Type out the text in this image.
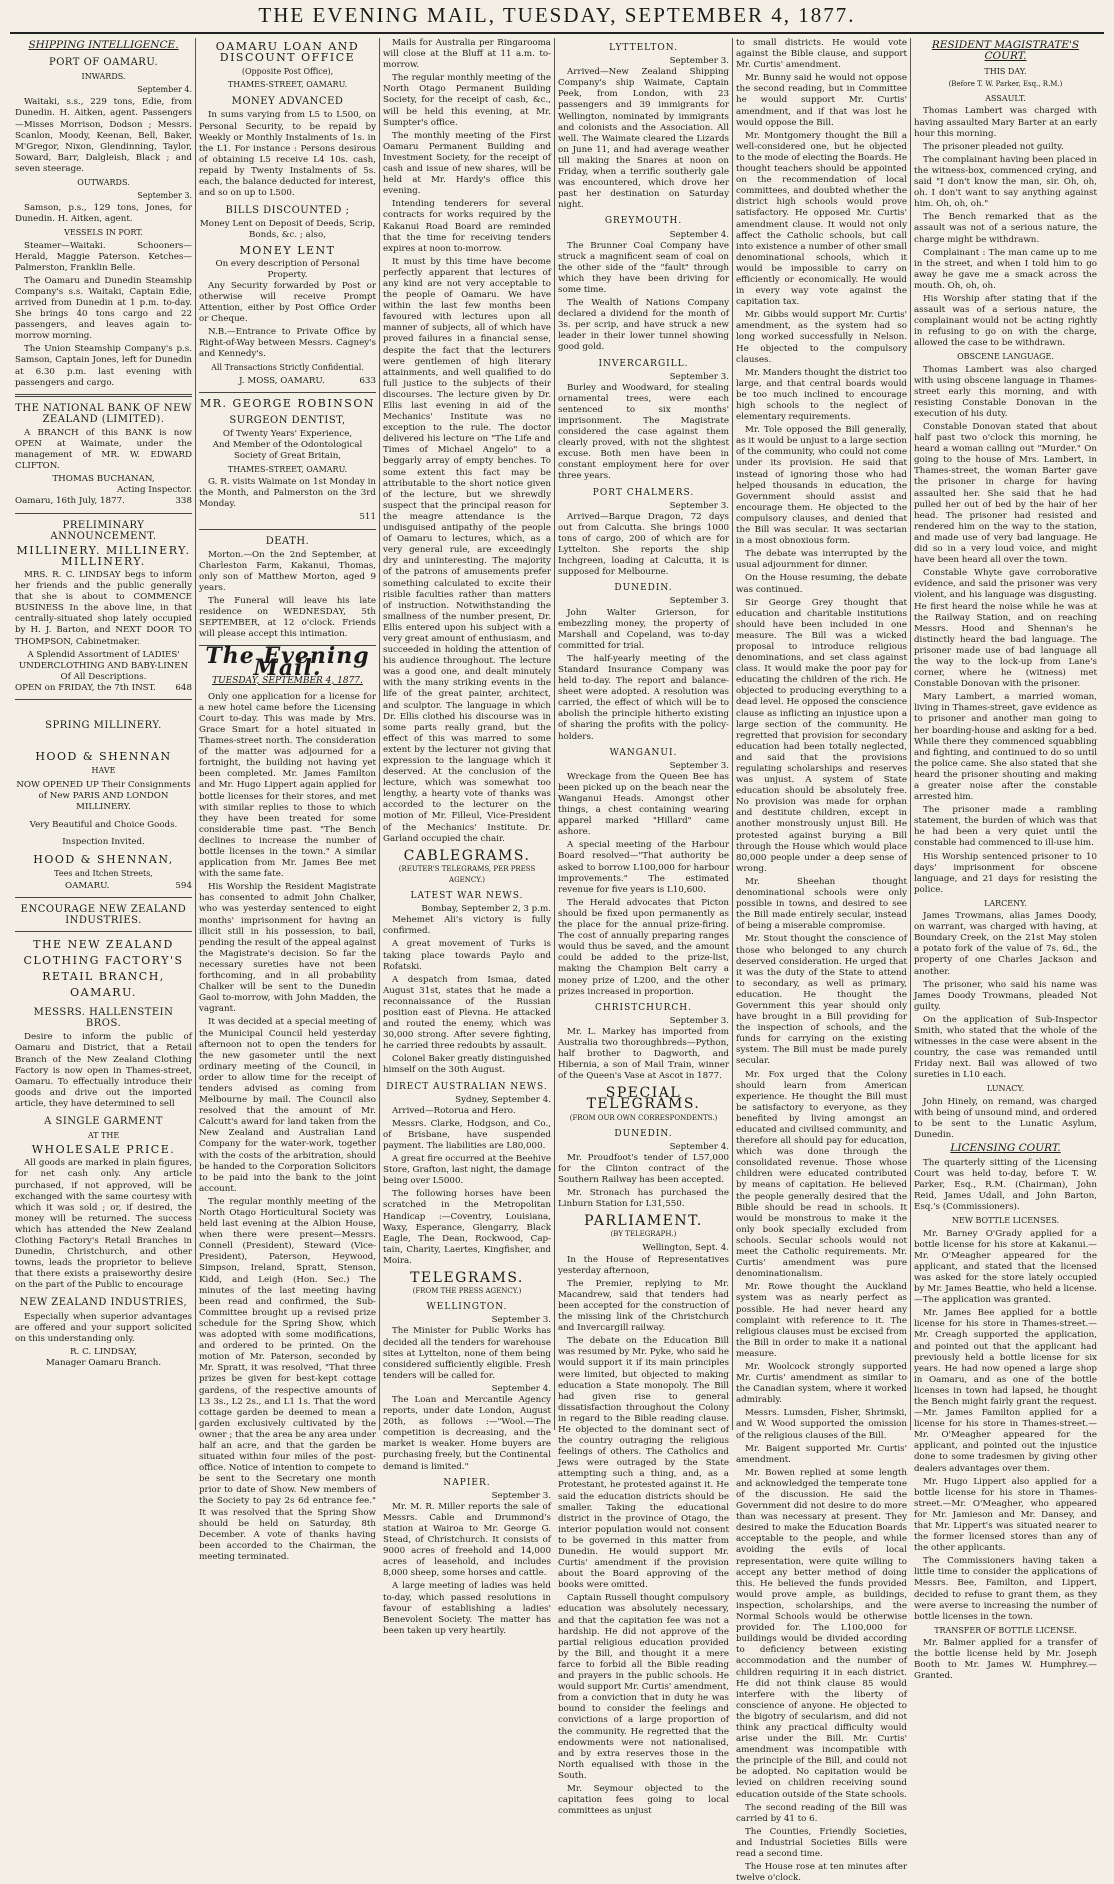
THE EVENING MAIL, TUESDAY, SEPTEMBER 4, 1877.
SHIPPING INTELLIGENCE.
PORT OF OAMARU.
INWARDS.
September 4.

Waitaki, s.s., 229 tons, Edie, from Dunedin. H. Aitken, agent. Passengers—Misses Morrison, Dodson ; Messrs. Scanlon, Moody, Keenan, Bell, Baker, M'Gregor, Nixon, Glendinning, Taylor, Soward, Barr, Dalgleish, Black ; and seven steerage.

OUTWARDS.
September 3.

Samson, p.s., 129 tons, Jones, for Dunedin. H. Aitken, agent.

VESSELS IN PORT.

Steamer—Waitaki. Schooners—Herald, Maggie Paterson. Ketches—Palmerston, Franklin Belle.

The Oamaru and Dunedin Steamship Company's s.s. Waitaki, Captain Edie, arrived from Dunedin at 1 p.m. to-day. She brings 40 tons cargo and 22 passengers, and leaves again to-morrow morning.

The Union Steamship Company's p.s. Samson, Captain Jones, left for Dunedin at 6.30 p.m. last evening with passengers and cargo.

THE NATIONAL BANK OF NEW ZEALAND (LIMITED).

A BRANCH of this BANK is now OPEN at Waimate, under the management of MR. W. EDWARD CLIFTON.

THOMAS BUCHANAN,
Acting Inspector.
Oamaru, 16th July, 1877.	338
PRELIMINARY ANNOUNCEMENT.
MILLINERY. MILLINERY. MILLINERY.

MRS. R. C. LINDSAY begs to inform her friends and the public generally that she is about to COMMENCE BUSINESS In the above line, in that centrally-situated shop lately occupied by H. J. Barton, and NEXT DOOR TO THOMPSON, Cabinetmaker.

A Splendid Assortment of LADIES' UNDERCLOTHING AND BABY-LINEN Of All Descriptions.
OPEN on FRIDAY, the 7th INST. 648
SPRING MILLINERY.
HOOD & SHENNAN
HAVE
NOW OPENED UP Their Consignments of New PARIS AND LONDON MILLINERY.
Very Beautiful and Choice Goods.
Inspection Invited.
HOOD & SHENNAN,
Tees and Itchen Streets,
OAMARU.	594
ENCOURAGE NEW ZEALAND INDUSTRIES.
THE NEW ZEALAND CLOTHING FACTORY'S RETAIL BRANCH, OAMARU.
MESSRS. HALLENSTEIN BROS.

Desire to inform the public of Oamaru and District, that a Retail Branch of the New Zealand Clothing Factory is now open in Thames-street, Oamaru. To effectually introduce their goods and drive out the imported article, they have determined to sell

A SINGLE GARMENT
AT THE
WHOLESALE PRICE.

All goods are marked in plain figures, for net cash only. Any article purchased, if not approved, will be exchanged with the same courtesy with which it was sold ; or, if desired, the money will be returned. The success which has attended the New Zealand Clothing Factory's Retail Branches in Dunedin, Christchurch, and other towns, leads the proprietor to believe that there exists a praiseworthy desire on the part of the Public to encourage

NEW ZEALAND INDUSTRIES,

Especially when superior advantages are offered and your support solicited on this understanding only.

R. C. LINDSAY,
Manager Oamaru Branch.
OAMARU LOAN AND DISCOUNT OFFICE
(Opposite Post Office),
THAMES-STREET, OAMARU.
MONEY ADVANCED

In sums varying from L5 to L500, on Personal Security, to be repaid by Weekly or Monthly Instalments of 1s. in the L1. For instance : Persons desirous of obtaining L5 receive L4 10s. cash, repaid by Twenty Instalments of 5s. each, the balance deducted for interest, and so on up to L500.

BILLS DISCOUNTED ;
Money Lent on Deposit of Deeds, Scrip, Bonds, &c. ; also,
MONEY LENT
On every description of Personal Property.

Any Security forwarded by Post or otherwise will receive Prompt Attention, either by Post Office Order or Cheque.

N.B.—Entrance to Private Office by Right-of-Way between Messrs. Cagney's and Kennedy's.

All Transactions Strictly Confidential.
J. MOSS, OAMARU.	633
MR. GEORGE ROBINSON
SURGEON DENTIST,
Of Twenty Years' Experience,
And Member of the Odontological Society of Great Britain,
THAMES-STREET, OAMARU.

G. R. visits Waimate on 1st Monday in the Month, and Palmerston on the 3rd Monday.

511
DEATH.

Morton.—On the 2nd September, at Charleston Farm, Kakanui, Thomas, only son of Matthew Morton, aged 9 years.

The Funeral will leave his late residence on WEDNESDAY, 5th SEPTEMBER, at 12 o'clock. Friends will please accept this intimation.

The Evening Mail.
TUESDAY, SEPTEMBER 4, 1877.

Only one application for a license for a new hotel came before the Licensing Court to-day. This was made by Mrs. Grace Smart for a hotel situated in Thames-street north. The consideration of the matter was adjourned for a fortnight, the building not having yet been completed. Mr. James Familton and Mr. Hugo Lippert again applied for bottle licenses for their stores, and met with similar replies to those to which they have been treated for some considerable time past. "The Bench declines to increase the number of bottle licenses in the town." A similar application from Mr. James Bee met with the same fate.

His Worship the Resident Magistrate has consented to admit John Chalker, who was yesterday sentenced to eight months' imprisonment for having an illicit still in his possession, to bail, pending the result of the appeal against the Magistrate's decision. So far the necessary sureties have not been forthcoming, and in all probability Chalker will be sent to the Dunedin Gaol to-morrow, with John Madden, the vagrant.

It was decided at a special meeting of the Municipal Council held yesterday afternoon not to open the tenders for the new gasometer until the next ordinary meeting of the Council, in order to allow time for the receipt of tenders advised as coming from Melbourne by mail. The Council also resolved that the amount of Mr. Calcutt's award for land taken from the New Zealand and Australian Land Company for the water-work, together with the costs of the arbitration, should be handed to the Corporation Solicitors to be paid into the bank to the joint account.

The regular monthly meeting of the North Otago Horticultural Society was held last evening at the Albion House, when there were present—Messrs. Connell (President), Steward (Vice-President), Paterson, Heywood, Simpson, Ireland, Spratt, Stenson, Kidd, and Leigh (Hon. Sec.) The minutes of the last meeting having been read and confirmed, the Sub-Committee brought up a revised prize schedule for the Spring Show, which was adopted with some modifications, and ordered to be printed. On the motion of Mr. Paterson, seconded by Mr. Spratt, it was resolved, "That three prizes be given for best-kept cottage gardens, of the respective amounts of L3 3s., L2 2s., and L1 1s. That the word cottage garden be deemed to mean a garden exclusively cultivated by the owner ; that the area be any area under half an acre, and that the garden be situated within four miles of the post-office. Notice of intention to compete to be sent to the Secretary one month prior to date of Show. New members of the Society to pay 2s 6d entrance fee." It was resolved that the Spring Show should be held on Saturday, 8th December. A vote of thanks having been accorded to the Chairman, the meeting terminated.

Mails for Australia per Ringarooma will close at the Bluff at 11 a.m. to-morrow.

The regular monthly meeting of the North Otago Permanent Building Society, for the receipt of cash, &c., will be held this evening, at Mr. Sumpter's office.

The monthly meeting of the First Oamaru Permanent Building and Investment Society, for the receipt of cash and issue of new shares, will be held at Mr. Hardy's office this evening.

Intending tenderers for several contracts for works required by the Kakanui Road Board are reminded that the time for receiving tenders expires at noon to-morrow.

It must by this time have become perfectly apparent that lectures of any kind are not very acceptable to the people of Oamaru. We have within the last few months been favoured with lectures upon all manner of subjects, all of which have proved failures in a financial sense, despite the fact that the lecturers were gentlemen of high literary attainments, and well qualified to do full justice to the subjects of their discourses. The lecture given by Dr. Ellis last evening in aid of the Mechanics' Institute was no exception to the rule. The doctor delivered his lecture on "The Life and Times of Michael Angelo" to a beggarly array of empty benches. To some extent this fact may be attributable to the short notice given of the lecture, but we shrewdly suspect that the principal reason for the meagre attendance is the undisguised antipathy of the people of Oamaru to lectures, which, as a very general rule, are exceedingly dry and uninteresting. The majority of the patrons of amusements prefer something calculated to excite their risible faculties rather than matters of instruction. Notwithstanding the smallness of the number present, Dr. Ellis entered upon his subject with a very great amount of enthusiasm, and succeeded in holding the attention of his audience throughout. The lecture was a good one, and dealt minutely with the many striking events in the life of the great painter, architect, and sculptor. The language in which Dr. Ellis clothed his discourse was in some parts really grand, but the effect of this was marred to some extent by the lecturer not giving that expression to the language which it deserved. At the conclusion of the lecture, which was somewhat too lengthy, a hearty vote of thanks was accorded to the lecturer on the motion of Mr. Filleul, Vice-President of the Mechanics' Institute. Dr. Garland occupied the chair.

CABLEGRAMS.
(REUTER'S TELEGRAMS, PER PRESS AGENCY.)
LATEST WAR NEWS.
Bombay, September 2, 3 p.m.

Mehemet Ali's victory is fully confirmed.

A great movement of Turks is taking place towards Paylo and Rofatski.

A despatch from Ismaa, dated August 31st, states that he made a reconnaissance of the Russian position east of Plevna. He attacked and routed the enemy, which was 30,000 strong. After severe fighting, he carried three redoubts by assault.

Colonel Baker greatly distinguished himself on the 30th August.

DIRECT AUSTRALIAN NEWS.
Sydney, September 4.

Arrived—Rotorua and Hero.

Messrs. Clarke, Hodgson, and Co., of Brisbane, have suspended payment. The liabilities are L80,000.

A great fire occurred at the Beehive Store, Grafton, last night, the damage being over L5000.

The following horses have been scratched in the Metropolitan Handicap :—Coventry, Louisiana, Waxy, Esperance, Glengarry, Black Eagle, The Dean, Rockwood, Cap-tain, Charity, Laertes, Kingfisher, and Moira.

TELEGRAMS.
(FROM THE PRESS AGENCY.)
WELLINGTON.
September 3.

The Minister for Public Works has decided all the tenders for warehouse sites at Lyttelton, none of them being considered sufficiently eligible. Fresh tenders will be called for.

September 4.

The Loan and Mercantile Agency reports, under date London, August 20th, as follows :—"Wool.—The competition is decreasing, and the market is weaker. Home buyers are purchasing freely, but the Continental demand is limited."

NAPIER.
September 3.

Mr. M. R. Miller reports the sale of Messrs. Cable and Drummond's station at Wairoa to Mr. George G. Stead, of Christchurch. It consists of 9000 acres of freehold and 14,000 acres of leasehold, and includes 8,000 sheep, some horses and cattle.

A large meeting of ladies was held to-day, which passed resolutions in favour of establishing a ladies' Benevolent Society. The matter has been taken up very heartily.

LYTTELTON.
September 3.

Arrived—New Zealand Shipping Company's ship Waimate, Captain Peek, from London, with 23 passengers and 39 immigrants for Wellington, nominated by immigrants and colonists and the Association. All well. The Waimate cleared the Lizards on June 11, and had average weather till making the Snares at noon on Friday, when a terrific southerly gale was encountered, which drove her past her destination on Saturday night.

GREYMOUTH.
September 4.

The Brunner Coal Company have struck a magnificent seam of coal on the other side of the "fault" through which they have been driving for some time.

The Wealth of Nations Company declared a dividend for the month of 3s. per scrip, and have struck a new leader in their lower tunnel showing good gold.

INVERCARGILL.
September 3.

Burley and Woodward, for stealing ornamental trees, were each sentenced to six months' imprisonment. The Magistrate considered the case against them clearly proved, with not the slightest excuse. Both men have been in constant employment here for over three years.

PORT CHALMERS.
September 3.

Arrived—Barque Dragon, 72 days out from Calcutta. She brings 1000 tons of cargo, 200 of which are for Lyttelton. She reports the ship Inchgreen, loading at Calcutta, it is supposed for Melbourne.

DUNEDIN.
September 3.

John Walter Grierson, for embezzling money, the property of Marshall and Copeland, was to-day committed for trial.

The half-yearly meeting of the Standard Insurance Company was held to-day. The report and balance-sheet were adopted. A resolution was carried, the effect of which will be to abolish the principle hitherto existing of sharing the profits with the policy-holders.

WANGANUI.
September 3.

Wreckage from the Queen Bee has been picked up on the beach near the Wanganui Heads. Amongst other things, a chest containing wearing apparel marked "Hillard" came ashore.

A special meeting of the Harbour Board resolved—"That authority be asked to borrow L100,000 for harbour improvements." The estimated revenue for five years is L10,600.

The Herald advocates that Picton should be fixed upon permanently as the place for the annual prize-firing. The cost of annually preparing ranges would thus be saved, and the amount could be added to the prize-list, making the Champion Belt carry a money prize of L200, and the other prizes increased in proportion.

CHRISTCHURCH.
September 3.

Mr. L. Markey has imported from Australia two thoroughbreds—Python, half brother to Dagworth, and Hibernia, a son of Mail Train, winner of the Queen's Vase at Ascot in 1877.

SPECIAL TELEGRAMS.
(FROM OUR OWN CORRESPONDENTS.)
DUNEDIN.
September 4.

Mr. Proudfoot's tender of L57,000 for the Clinton contract of the Southern Railway has been accepted.

Mr. Stronach has purchased the Linburn Station for L31,550.

PARLIAMENT.
(BY TELEGRAPH.)
Wellington, Sept. 4.

In the House of Representatives yesterday afternoon,

The Premier, replying to Mr. Macandrew, said that tenders had been accepted for the construction of the missing link of the Christchurch and Invercargill railway.

The debate on the Education Bill was resumed by Mr. Pyke, who said he would support it if its main principles were limited, but objected to making education a State monopoly. The Bill had given rise to general dissatisfaction throughout the Colony in regard to the Bible reading clause. He objected to the dominant sect of the country outraging the religious feelings of others. The Catholics and Jews were outraged by the State attempting such a thing, and, as a Protestant, he protested against it. He said the education districts should be smaller. Taking the educational district in the province of Otago, the interior population would not consent to be governed in this matter from Dunedin. He would support Mr. Curtis' amendment if the provision about the Board approving of the books were omitted.

Captain Russell thought compulsory education was absolutely necessary, and that the capitation fee was not a hardship. He did not approve of the partial religious education provided by the Bill, and thought it a mere farce to forbid all the Bible reading and prayers in the public schools. He would support Mr. Curtis' amendment, from a conviction that in duty he was bound to consider the feelings and convictions of a large proportion of the community. He regretted that the endowments were not nationalised, and by extra reserves those in the North equalised with those in the South.

Mr. Seymour objected to the capitation fees going to local committees as unjust

to small districts. He would vote against the Bible clause, and support Mr. Curtis' amendment.

Mr. Bunny said he would not oppose the second reading, but in Committee he would support Mr. Curtis' amendment, and if that was lost he would oppose the Bill.

Mr. Montgomery thought the Bill a well-considered one, but he objected to the mode of electing the Boards. He thought teachers should be appointed on the recommendation of local committees, and doubted whether the district high schools would prove satisfactory. He opposed Mr. Curtis' amendment clause. It would not only affect the Catholic schools, but call into existence a number of other small denominational schools, which it would be impossible to carry on efficiently or economically. He would in every way vote against the capitation tax.

Mr. Gibbs would support Mr. Curtis' amendment, as the system had so long worked successfully in Nelson. He objected to the compulsory clauses.

Mr. Manders thought the district too large, and that central boards would be too much inclined to encourage high schools to the neglect of elementary requirements.

Mr. Tole opposed the Bill generally, as it would be unjust to a large section of the community, who could not come under its provision. He said that instead of ignoring those who had helped thousands in education, the Government should assist and encourage them. He objected to the compulsory clauses, and denied that the Bill was secular. It was sectarian in a most obnoxious form.

The debate was interrupted by the usual adjournment for dinner.

On the House resuming, the debate was continued.

Sir George Grey thought that education and charitable institutions should have been included in one measure. The Bill was a wicked proposal to introduce religious denominations, and set class against class. It would make the poor pay for educating the children of the rich. He objected to producing everything to a dead level. He opposed the conscience clause as inflicting an injustice upon a large section of the community. He regretted that provision for secondary education had been totally neglected, and said that the provisions regulating scholarships and reserves was unjust. A system of State education should be absolutely free. No provision was made for orphan and destitute children, except in another monstrously unjust Bill. He protested against burying a Bill through the House which would place 80,000 people under a deep sense of wrong.

Mr. Sheehan thought denominational schools were only possible in towns, and desired to see the Bill made entirely secular, instead of being a miserable compromise.

Mr. Stout thought the conscience of those who belonged to any church deserved consideration. He urged that it was the duty of the State to attend to secondary, as well as primary, education. He thought the Government this year should only have brought in a Bill providing for the inspection of schools, and the funds for carrying on the existing system. The Bill must be made purely secular.

Mr. Fox urged that the Colony should learn from American experience. He thought the Bill must be satisfactory to everyone, as they benefited by living amongst an educated and civilised community, and therefore all should pay for education, which was done through the consolidated revenue. Those whose children were educated contributed by means of capitation. He believed the people generally desired that the Bible should be read in schools. It would be monstrous to make it the only book specially excluded from schools. Secular schools would not meet the Catholic requirements. Mr. Curtis' amendment was pure denominationalism.

Mr. Rowe thought the Auckland system was as nearly perfect as possible. He had never heard any complaint with reference to it. The religious clauses must be excised from the Bill in order to make it a national measure.

Mr. Woolcock strongly supported Mr. Curtis' amendment as similar to the Canadian system, where it worked admirably.

Messrs. Lumsden, Fisher, Shrimski, and W. Wood supported the omission of the religious clauses of the Bill.

Mr. Baigent supported Mr. Curtis' amendment.

Mr. Bowen replied at some length and acknowledged the temperate tone of the discussion. He said the Government did not desire to do more than was necessary at present. They desired to make the Education Boards acceptable to the people, and while avoiding the evils of local representation, were quite willing to accept any better method of doing this. He believed the funds provided would prove ample, as buildings, inspection, scholarships, and the Normal Schools would be otherwise provided for. The L100,000 for buildings would be divided according to deficiency between existing accommodation and the number of children requiring it in each district. He did not think clause 85 would interfere with the liberty of conscience of anyone. He objected to the bigotry of secularism, and did not think any practical difficulty would arise under the Bill. Mr. Curtis' amendment was incompatible with the principle of the Bill, and could not be adopted. No capitation would be levied on children receiving sound education outside of the State schools.

The second reading of the Bill was carried by 41 to 6.

The Counties, Friendly Societies, and Industrial Societies Bills were read a second time.

The House rose at ten minutes after twelve o'clock.

RESIDENT MAGISTRATE'S COURT.
THIS DAY.
(Before T. W. Parker, Esq., R.M.)
ASSAULT.

Thomas Lambert was charged with having assaulted Mary Barter at an early hour this morning.

The prisoner pleaded not guilty.

The complainant having been placed in the witness-box, commenced crying, and said "I don't know the man, sir. Oh, oh, oh. I don't want to say anything against him. Oh, oh, oh."

The Bench remarked that as the assault was not of a serious nature, the charge might be withdrawn.

Complainant : The man came up to me in the street, and when I told him to go away he gave me a smack across the mouth. Oh, oh, oh.

His Worship after stating that if the assault was of a serious nature, the complainant would not be acting rightly in refusing to go on with the charge, allowed the case to be withdrawn.

OBSCENE LANGUAGE.

Thomas Lambert was also charged with using obscene language in Thames-street early this morning, and with resisting Constable Donovan in the execution of his duty.

Constable Donovan stated that about half past two o'clock this morning, he heard a woman calling out "Murder." On going to the house of Mrs. Lambert, in Thames-street, the woman Barter gave the prisoner in charge for having assaulted her. She said that he had pulled her out of bed by the hair of her head. The prisoner had resisted and rendered him on the way to the station, and made use of very bad language. He did so in a very loud voice, and might have been heard all over the town.

Constable Whyte gave corroborative evidence, and said the prisoner was very violent, and his language was disgusting. He first heard the noise while he was at the Railway Station, and on reaching Messrs. Hood and Shennan's he distinctly heard the bad language. The prisoner made use of bad language all the way to the lock-up from Lane's corner, where he (witness) met Constable Donovan with the prisoner.

Mary Lambert, a married woman, living in Thames-street, gave evidence as to prisoner and another man going to her boarding-house and asking for a bed. While there they commenced squabbling and fighting, and continued to do so until the police came. She also stated that she heard the prisoner shouting and making a greater noise after the constable arrested him.

The prisoner made a rambling statement, the burden of which was that he had been a very quiet until the constable had commenced to ill-use him.

His Worship sentenced prisoner to 10 days' imprisonment for obscene language, and 21 days for resisting the police.

LARCENY.

James Trowmans, alias James Doody, on warrant, was charged with having, at Boundary Creek, on the 21st May stolen a potato fork of the value of 7s. 6d., the property of one Charles Jackson and another.

The prisoner, who said his name was James Doody Trowmans, pleaded Not guilty.

On the application of Sub-Inspector Smith, who stated that the whole of the witnesses in the case were absent in the country, the case was remanded until Friday next. Bail was allowed of two sureties in L10 each.

LUNACY.

John Hinely, on remand, was charged with being of unsound mind, and ordered to be sent to the Lunatic Asylum, Dunedin.

LICENSING COURT.

The quarterly sitting of the Licensing Court was held to-day, before T. W. Parker, Esq., R.M. (Chairman), John Reid, James Udall, and John Barton, Esq.'s (Commissioners).

NEW BOTTLE LICENSES.

Mr. Barney O'Grady applied for a bottle license for his store at Kakanui.—Mr. O'Meagher appeared for the applicant, and stated that the licensed was asked for the store lately occupied by Mr. James Beattie, who held a license.—The application was granted.

Mr. James Bee applied for a bottle license for his store in Thames-street.—Mr. Creagh supported the application, and pointed out that the applicant had previously held a bottle license for six years. He had now opened a large shop in Oamaru, and as one of the bottle licenses in town had lapsed, he thought the Bench might fairly grant the request.—Mr. James Familton applied for a license for his store in Thames-street.—Mr. O'Meagher appeared for the applicant, and pointed out the injustice done to some tradesmen by giving other dealers advantages over them.

Mr. Hugo Lippert also applied for a bottle license for his store in Thames-street.—Mr. O'Meagher, who appeared for Mr. Jamieson and Mr. Dansey, and that Mr. Lippert's was situated nearer to the former licensed stores than any of the other applicants.

The Commissioners having taken a little time to consider the applications of Messrs. Bee, Familton, and Lippert, decided to refuse to grant them, as they were averse to increasing the number of bottle licenses in the town.

TRANSFER OF BOTTLE LICENSE.

Mr. Balmer applied for a transfer of the bottle license held by Mr. Joseph Booth to Mr. James W. Humphrey.—Granted.
